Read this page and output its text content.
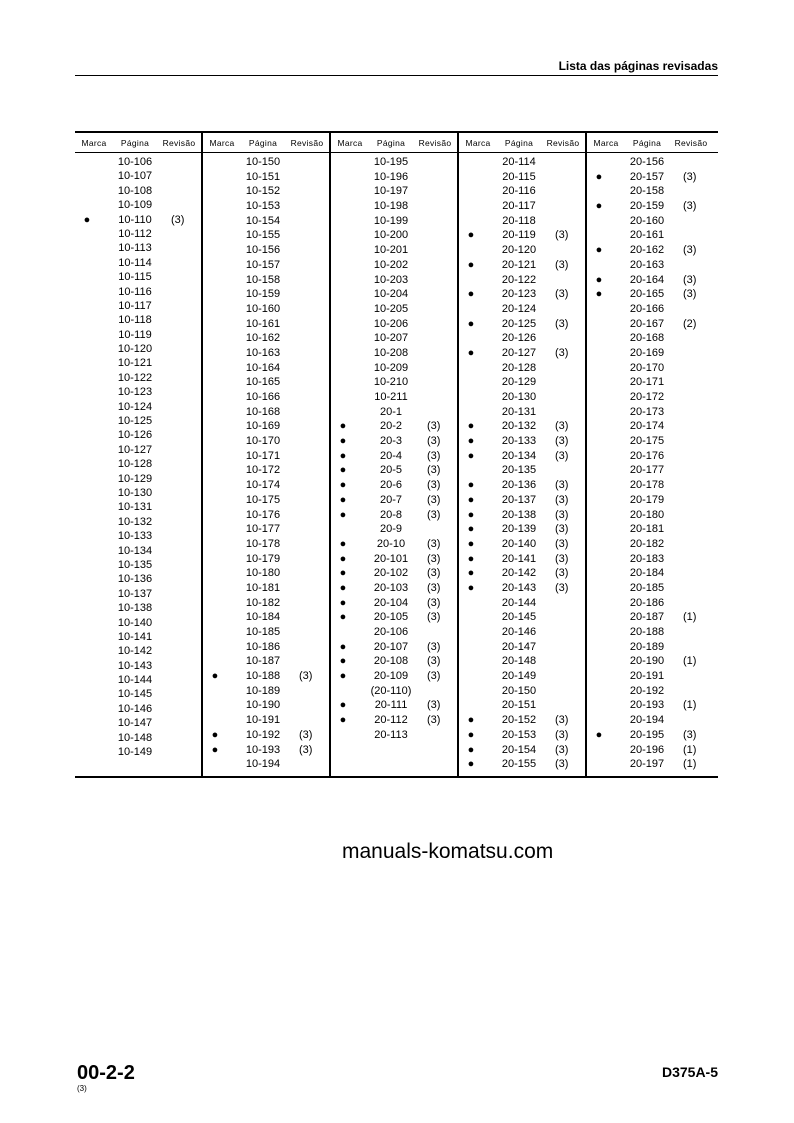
Lista das páginas revisadas
Marca	Página	Revisão
10-106
10-107
10-108
10-109
●	10-110	(3)
10-112
10-113
10-114
10-115
10-116
10-117
10-118
10-119
10-120
10-121
10-122
10-123
10-124
10-125
10-126
10-127
10-128
10-129
10-130
10-131
10-132
10-133
10-134
10-135
10-136
10-137
10-138
10-140
10-141
10-142
10-143
10-144
10-145
10-146
10-147
10-148
10-149
Marca	Página	Revisão
10-150
10-151
10-152
10-153
10-154
10-155
10-156
10-157
10-158
10-159
10-160
10-161
10-162
10-163
10-164
10-165
10-166
10-168
10-169
10-170
10-171
10-172
10-174
10-175
10-176
10-177
10-178
10-179
10-180
10-181
10-182
10-184
10-185
10-186
10-187
●	10-188	(3)
10-189
10-190
10-191
●	10-192	(3)
●	10-193	(3)
10-194
Marca	Página	Revisão
10-195
10-196
10-197
10-198
10-199
10-200
10-201
10-202
10-203
10-204
10-205
10-206
10-207
10-208
10-209
10-210
10-211
20-1
●	20-2	(3)
●	20-3	(3)
●	20-4	(3)
●	20-5	(3)
●	20-6	(3)
●	20-7	(3)
●	20-8	(3)
20-9
●	20-10	(3)
●	20-101	(3)
●	20-102	(3)
●	20-103	(3)
●	20-104	(3)
●	20-105	(3)
20-106
●	20-107	(3)
●	20-108	(3)
●	20-109	(3)
(20-110)
●	20-111	(3)
●	20-112	(3)
20-113
Marca	Página	Revisão
20-114
20-115
20-116
20-117
20-118
●	20-119	(3)
20-120
●	20-121	(3)
20-122
●	20-123	(3)
20-124
●	20-125	(3)
20-126
●	20-127	(3)
20-128
20-129
20-130
20-131
●	20-132	(3)
●	20-133	(3)
●	20-134	(3)
20-135
●	20-136	(3)
●	20-137	(3)
●	20-138	(3)
●	20-139	(3)
●	20-140	(3)
●	20-141	(3)
●	20-142	(3)
●	20-143	(3)
20-144
20-145
20-146
20-147
20-148
20-149
20-150
20-151
●	20-152	(3)
●	20-153	(3)
●	20-154	(3)
●	20-155	(3)
Marca	Página	Revisão
20-156
●	20-157	(3)
20-158
●	20-159	(3)
20-160
20-161
●	20-162	(3)
20-163
●	20-164	(3)
●	20-165	(3)
20-166
20-167	(2)
20-168
20-169
20-170
20-171
20-172
20-173
20-174
20-175
20-176
20-177
20-178
20-179
20-180
20-181
20-182
20-183
20-184
20-185
20-186
20-187	(1)
20-188
20-189
20-190	(1)
20-191
20-192
20-193	(1)
20-194
●	20-195	(3)
20-196	(1)
20-197	(1)
manuals-komatsu.com
00-2-2
(3)
D375A-5
